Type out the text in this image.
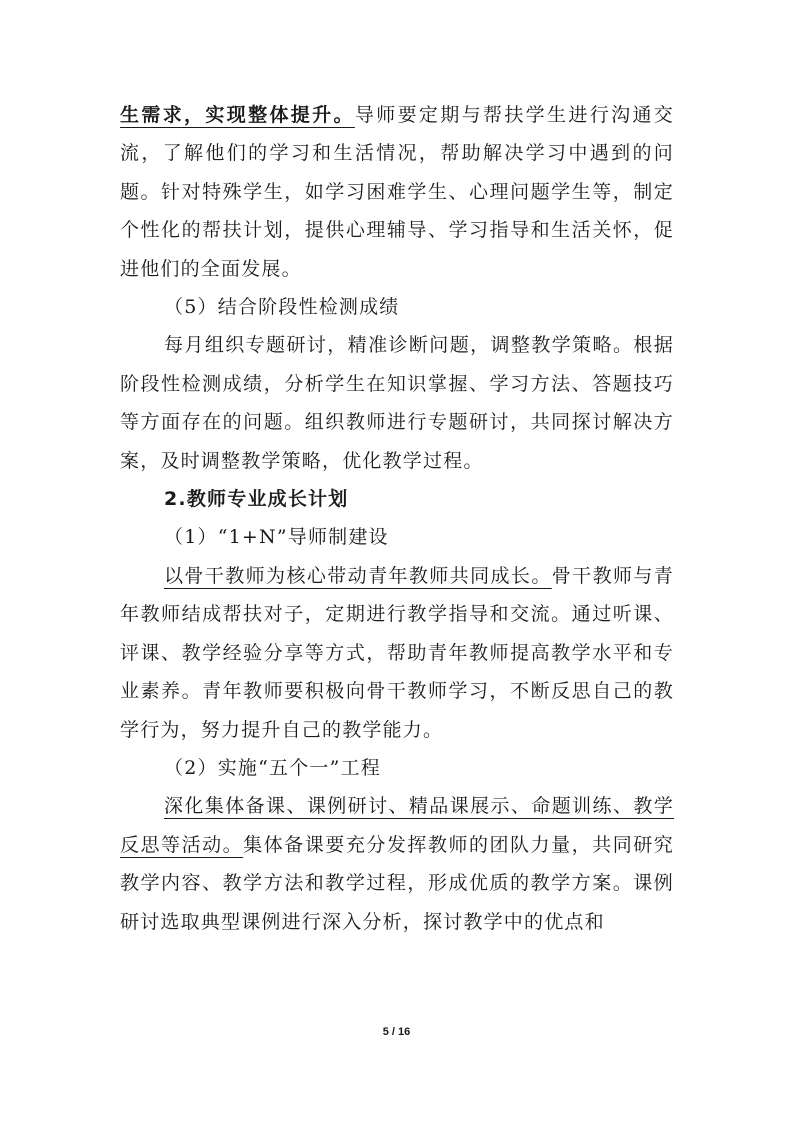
生需求，实现整体提升。导师要定期与帮扶学生进行沟通交流，了解他们的学习和生活情况，帮助解决学习中遇到的问题。针对特殊学生，如学习困难学生、心理问题学生等，制定个性化的帮扶计划，提供心理辅导、学习指导和生活关怀，促进他们的全面发展。

（5）结合阶段性检测成绩

每月组织专题研讨，精准诊断问题，调整教学策略。根据阶段性检测成绩，分析学生在知识掌握、学习方法、答题技巧等方面存在的问题。组织教师进行专题研讨，共同探讨解决方案，及时调整教学策略，优化教学过程。

2.教师专业成长计划

（1）“1+N”导师制建设

以骨干教师为核心带动青年教师共同成长。骨干教师与青年教师结成帮扶对子，定期进行教学指导和交流。通过听课、评课、教学经验分享等方式，帮助青年教师提高教学水平和专业素养。青年教师要积极向骨干教师学习，不断反思自己的教学行为，努力提升自己的教学能力。

（2）实施“五个一”工程

深化集体备课、课例研讨、精品课展示、命题训练、教学反思等活动。集体备课要充分发挥教师的团队力量，共同研究教学内容、教学方法和教学过程，形成优质的教学方案。课例研讨选取典型课例进行深入分析，探讨教学中的优点和

5 / 16
